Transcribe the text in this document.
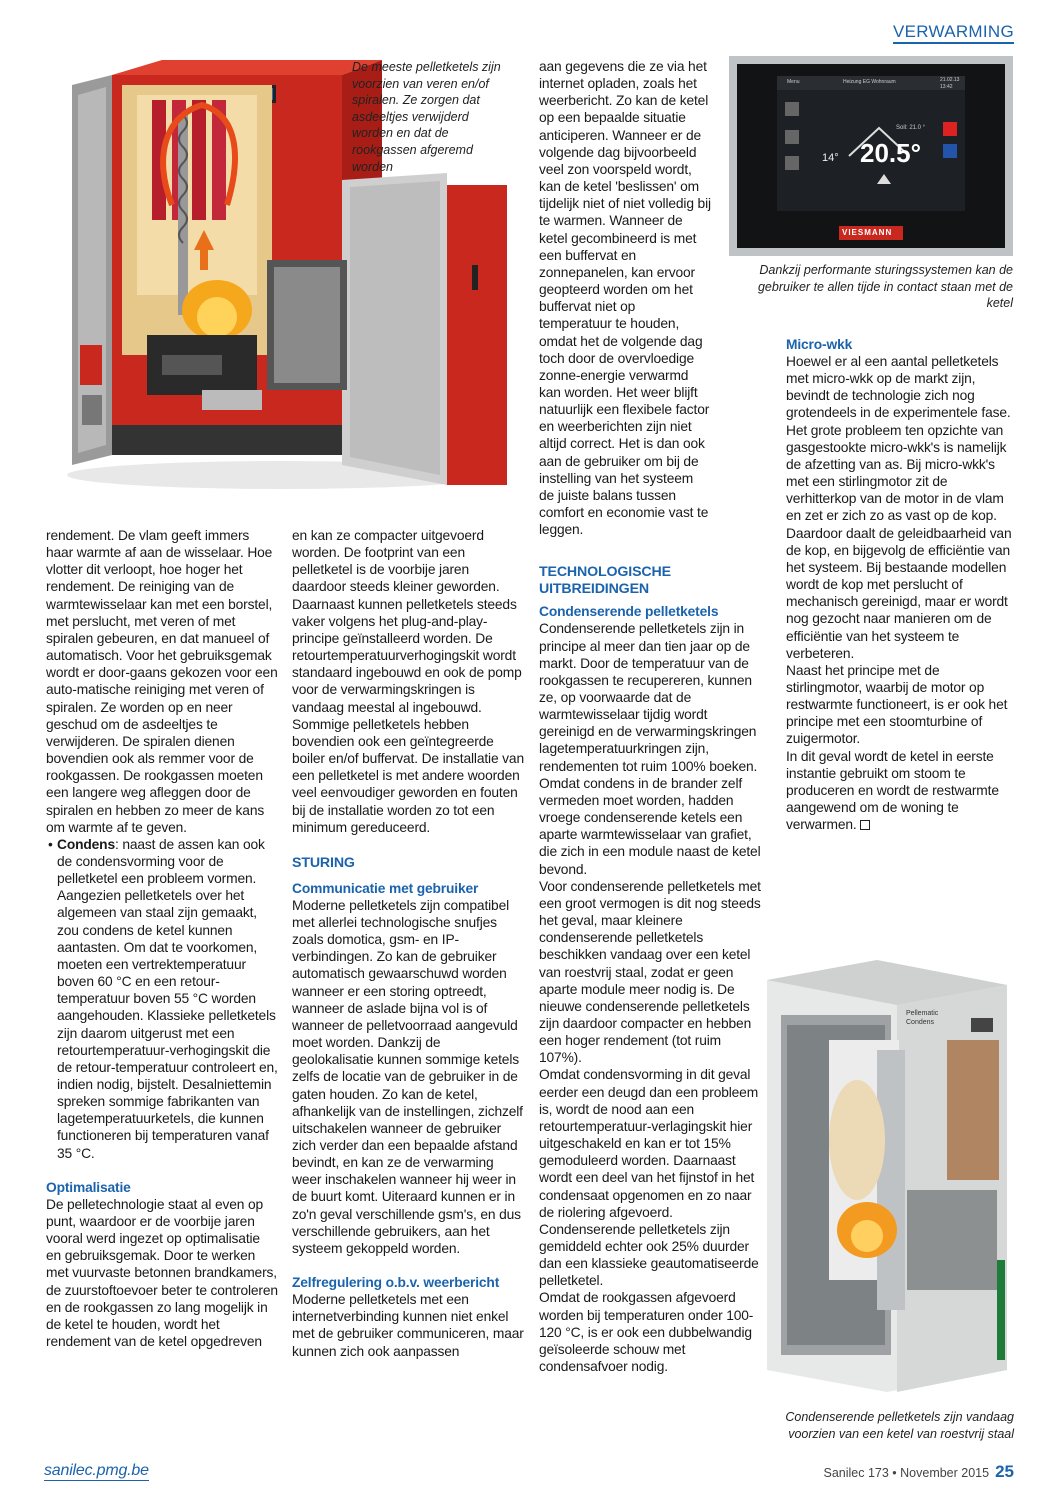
VERWARMING
De meeste pelletketels zijn voorzien van veren en/of spiralen. Ze zorgen dat asdeeltjes verwijderd worden en dat de rookgassen afgeremd worden
Menu	Heizung EG Wohnraum	21.02.13
13:42
Soll: 21.0 °
14° 20.5°
VIESMANN
Dankzij performante sturingssystemen kan de gebruiker te allen tijde in contact staan met de ketel
Pellematic
Condens
Condenserende pelletketels zijn vandaag voorzien van een ketel van roestvrij staal

rendement. De vlam geeft immers haar warmte af aan de wisselaar. Hoe vlotter dit verloopt, hoe hoger het rendement. De reiniging van de warmtewisselaar kan met een borstel, met perslucht, met veren of met spiralen gebeuren, en dat manueel of automatisch. Voor het gebruiksgemak wordt er door-gaans gekozen voor een auto-matische reiniging met veren of spiralen. Ze worden op en neer geschud om de asdeeltjes te verwijderen. De spiralen dienen bovendien ook als remmer voor de rookgassen. De rookgassen moeten een langere weg afleggen door de spiralen en hebben zo meer de kans om warmte af te geven.

• Condens: naast de assen kan ook de condensvorming voor de pelletketel een probleem vormen. Aangezien pelletketels over het algemeen van staal zijn gemaakt, zou condens de ketel kunnen aantasten. Om dat te voorkomen, moeten een vertrektemperatuur boven 60 °C en een retour-temperatuur boven 55 °C worden aangehouden. Klassieke pelletketels zijn daarom uitgerust met een retourtemperatuur-verhogingskit die de retour-temperatuur controleert en, indien nodig, bijstelt. Desalniettemin spreken sommige fabrikanten van lagetemperatuurketels, die kunnen functioneren bij temperaturen vanaf 35 °C.

Optimalisatie

De pelletechnologie staat al even op punt, waardoor er de voorbije jaren vooral werd ingezet op optimalisatie en gebruiksgemak. Door te werken met vuurvaste betonnen brandkamers, de zuurstoftoevoer beter te controleren en de rookgassen zo lang mogelijk in de ketel te houden, wordt het rendement van de ketel opgedreven

en kan ze compacter uitgevoerd worden. De footprint van een pelletketel is de voorbije jaren daardoor steeds kleiner geworden. Daarnaast kunnen pelletketels steeds vaker volgens het plug-and-play-principe geïnstalleerd worden. De retourtemperatuurverhogingskit wordt standaard ingebouwd en ook de pomp voor de verwarmingskringen is vandaag meestal al ingebouwd. Sommige pelletketels hebben bovendien ook een geïntegreerde boiler en/of buffervat. De installatie van een pelletketel is met andere woorden veel eenvoudiger geworden en fouten bij de installatie worden zo tot een minimum gereduceerd.

STURING

Communicatie met gebruiker

Moderne pelletketels zijn compatibel met allerlei technologische snufjes zoals domotica, gsm- en IP-verbindingen. Zo kan de gebruiker automatisch gewaarschuwd worden wanneer er een storing optreedt, wanneer de aslade bijna vol is of wanneer de pelletvoorraad aangevuld moet worden. Dankzij de geolokalisatie kunnen sommige ketels zelfs de locatie van de gebruiker in de gaten houden. Zo kan de ketel, afhankelijk van de instellingen, zichzelf uitschakelen wanneer de gebruiker zich verder dan een bepaalde afstand bevindt, en kan ze de verwarming weer inschakelen wanneer hij weer in de buurt komt. Uiteraard kunnen er in zo'n geval verschillende gsm's, en dus verschillende gebruikers, aan het systeem gekoppeld worden.

Zelfregulering o.b.v. weerbericht

Moderne pelletketels met een internetverbinding kunnen niet enkel met de gebruiker communiceren, maar kunnen zich ook aanpassen

aan gegevens die ze via het internet opladen, zoals het weerbericht. Zo kan de ketel op een bepaalde situatie anticiperen. Wanneer er de volgende dag bijvoorbeeld veel zon voorspeld wordt, kan de ketel 'beslissen' om tijdelijk niet of niet volledig bij te warmen. Wanneer de ketel gecombineerd is met een buffervat en zonnepanelen, kan ervoor geopteerd worden om het buffervat niet op temperatuur te houden, omdat het de volgende dag toch door de overvloedige zonne-energie verwarmd kan worden. Het weer blijft natuurlijk een flexibele factor en weerberichten zijn niet altijd correct. Het is dan ook aan de gebruiker om bij de instelling van het systeem de juiste balans tussen comfort en economie vast te leggen.

TECHNOLOGISCHE UITBREIDINGEN

Condenserende pelletketels

Condenserende pelletketels zijn in principe al meer dan tien jaar op de markt. Door de temperatuur van de rookgassen te recupereren, kunnen ze, op voorwaarde dat de warmtewisselaar tijdig wordt gereinigd en de verwarmingskringen lagetemperatuurkringen zijn, rendementen tot ruim 100% boeken. Omdat condens in de brander zelf vermeden moet worden, hadden vroege condenserende ketels een aparte warmtewisselaar van grafiet, die zich in een module naast de ketel bevond.

Voor condenserende pelletketels met een groot vermogen is dit nog steeds het geval, maar kleinere condenserende pelletketels beschikken vandaag over een ketel van roestvrij staal, zodat er geen aparte module meer nodig is. De nieuwe condenserende pelletketels zijn daardoor compacter en hebben een hoger rendement (tot ruim 107%).

Omdat condensvorming in dit geval eerder een deugd dan een probleem is, wordt de nood aan een retourtemperatuur-verlagingskit hier uitgeschakeld en kan er tot 15% gemoduleerd worden. Daarnaast wordt een deel van het fijnstof in het condensaat opgenomen en zo naar de riolering afgevoerd.

Condenserende pelletketels zijn gemiddeld echter ook 25% duurder dan een klassieke geautomatiseerde pelletketel.

Omdat de rookgassen afgevoerd worden bij temperaturen onder 100-120 °C, is er ook een dubbelwandig geïsoleerde schouw met condensafvoer nodig.

Micro-wkk

Hoewel er al een aantal pelletketels met micro-wkk op de markt zijn, bevindt de technologie zich nog grotendeels in de experimentele fase.

Het grote probleem ten opzichte van gasgestookte micro-wkk's is namelijk de afzetting van as. Bij micro-wkk's met een stirlingmotor zit de verhitterkop van de motor in de vlam en zet er zich zo as vast op de kop.

Daardoor daalt de geleidbaarheid van de kop, en bijgevolg de efficiëntie van het systeem. Bij bestaande modellen wordt de kop met perslucht of mechanisch gereinigd, maar er wordt nog gezocht naar manieren om de efficiëntie van het systeem te verbeteren.

Naast het principe met de stirlingmotor, waarbij de motor op restwarmte functioneert, is er ook het principe met een stoomturbine of zuigermotor.

In dit geval wordt de ketel in eerste instantie gebruikt om stoom te produceren en wordt de restwarmte aangewend om de woning te verwarmen.

sanilec.pmg.be	Sanilec 173 • November 2015 25
